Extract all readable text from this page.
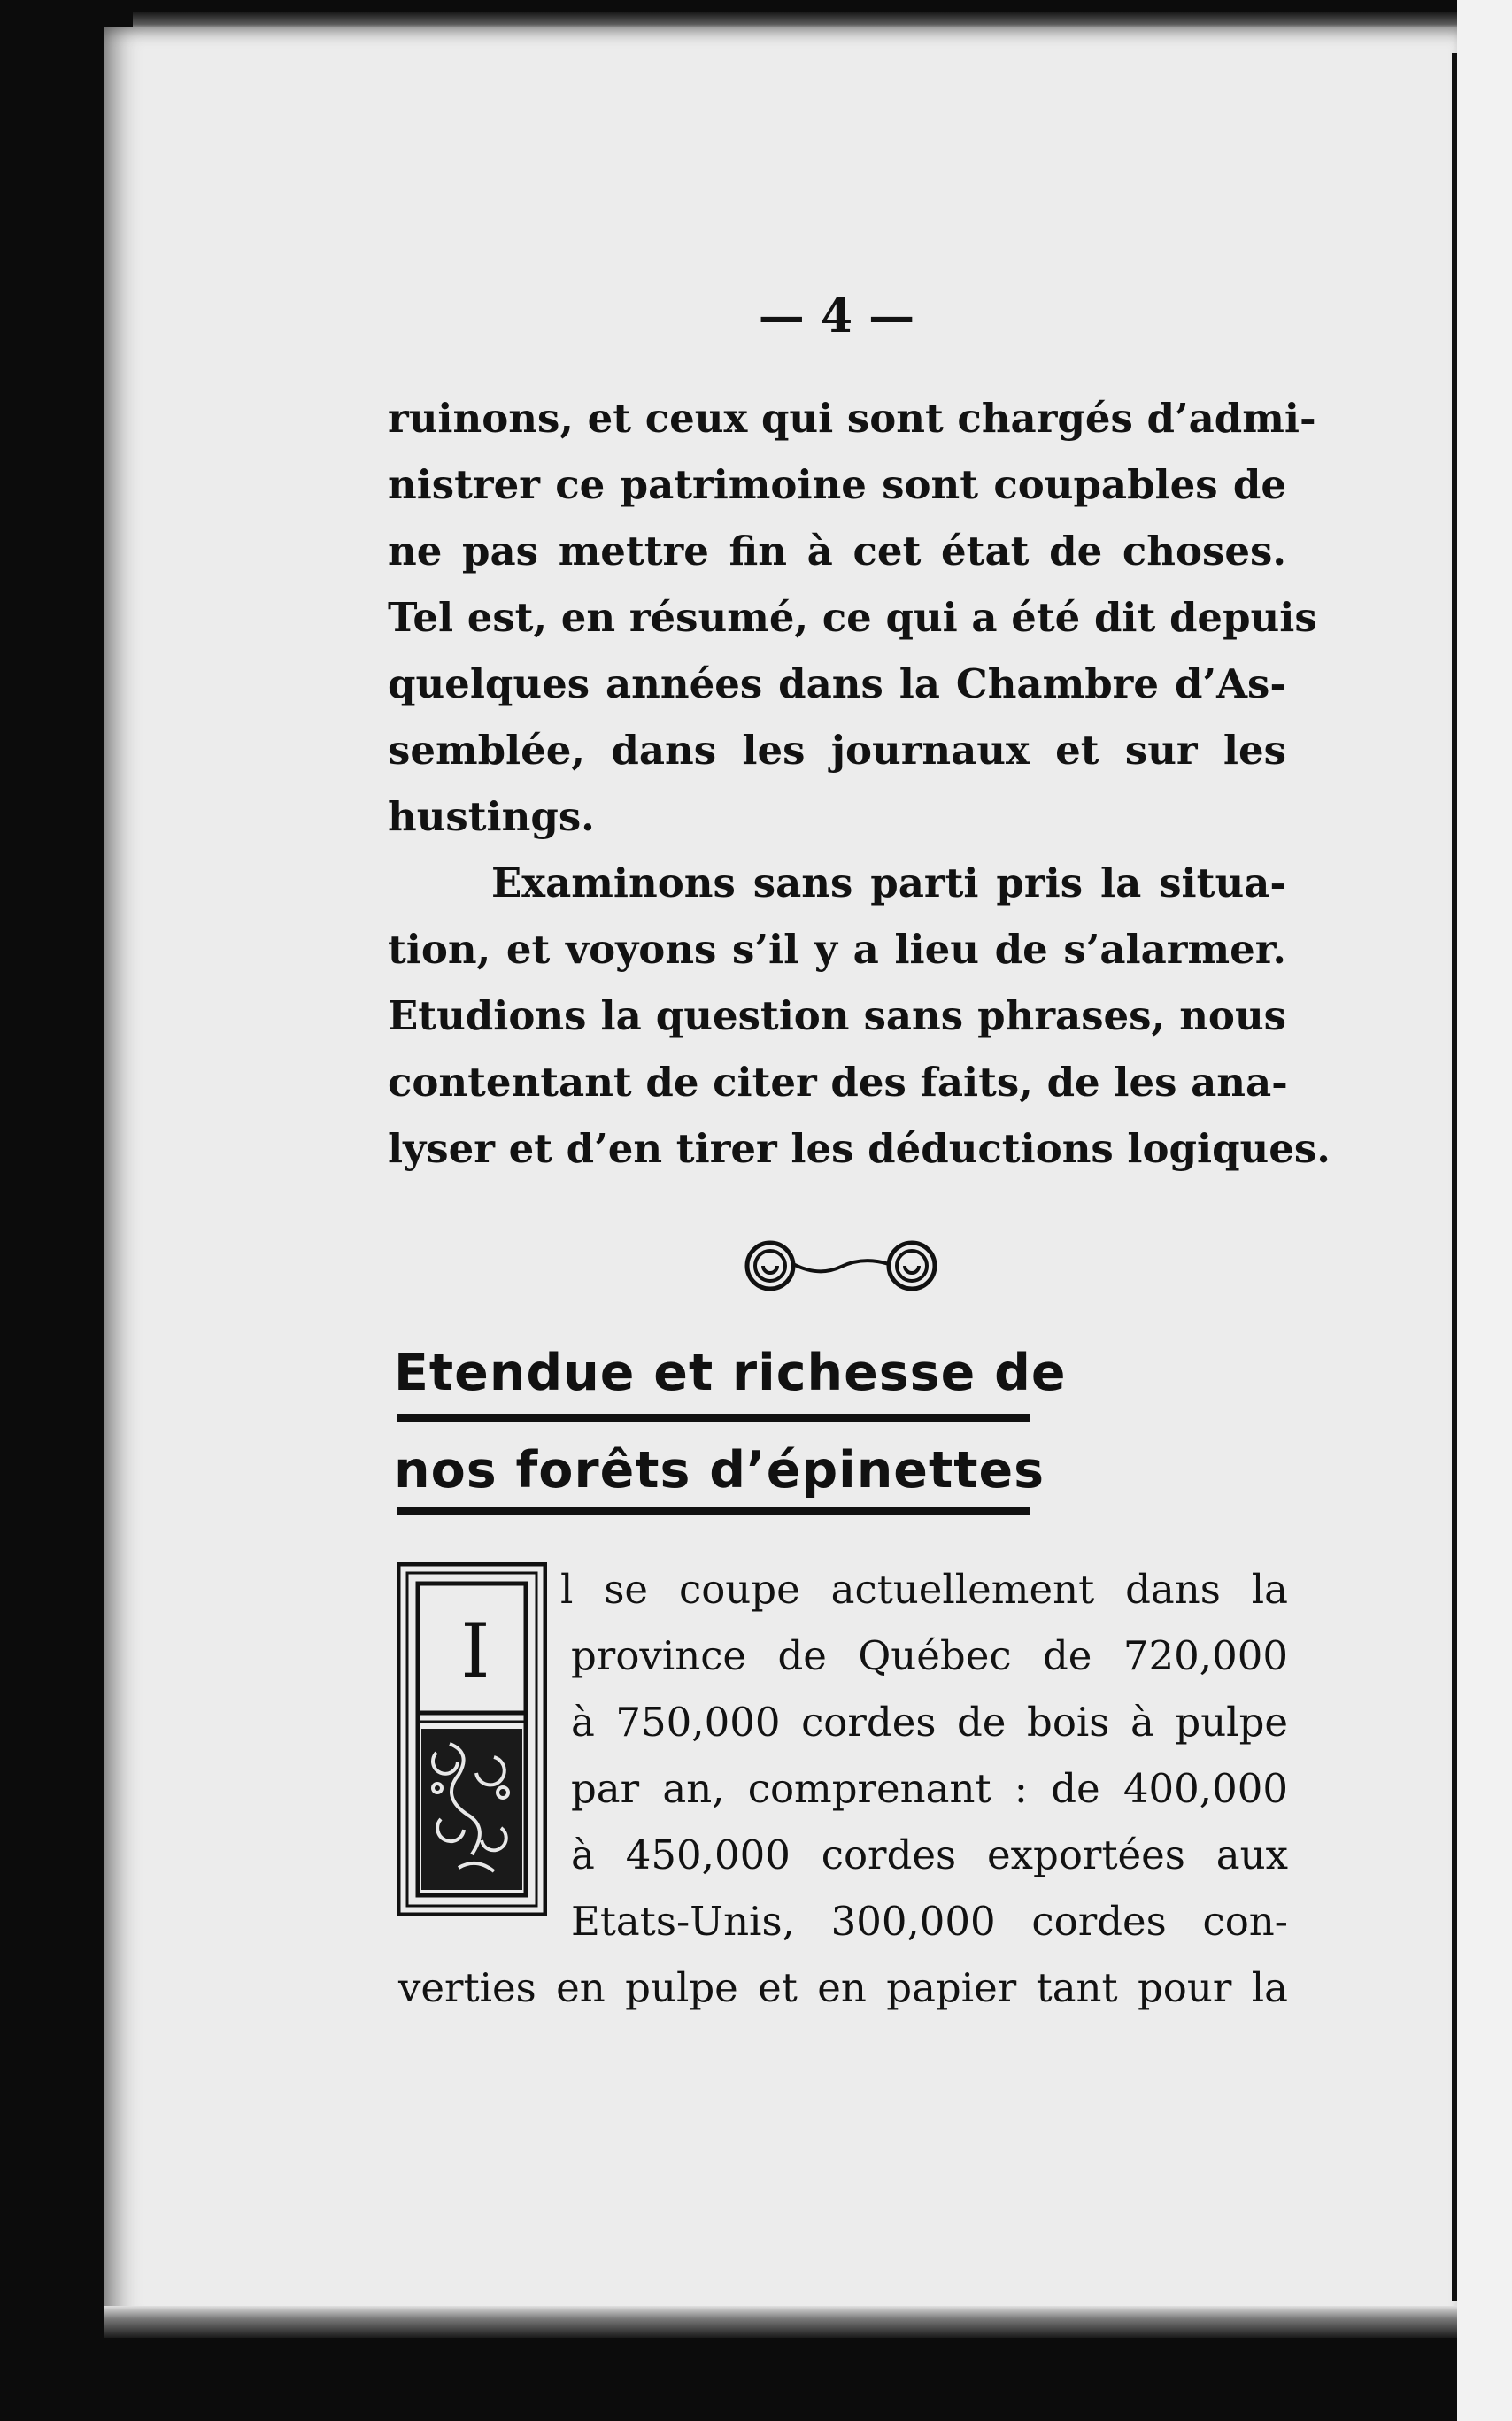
— 4 —
ruinons, et ceux qui sont chargés d’admi-
nistrer ce patrimoine sont coupables de
ne pas mettre fin à cet état de choses.
Tel est, en résumé, ce qui a été dit depuis
quelques années dans la Chambre d’As-
semblée, dans les journaux et sur les
hustings.
Examinons sans parti pris la situa-
tion, et voyons s’il y a lieu de s’alarmer.
Etudions la question sans phrases, nous
contentant de citer des faits, de les ana-
lyser et d’en tirer les déductions logiques.
Etendue et richesse de
nos forêts d’épinettes
I
l se coupe actuellement dans la
province de Québec de 720,000
à 750,000 cordes de bois à pulpe
par an, comprenant : de 400,000
à 450,000 cordes exportées aux
Etats-Unis, 300,000 cordes con-
verties en pulpe et en papier tant pour la
